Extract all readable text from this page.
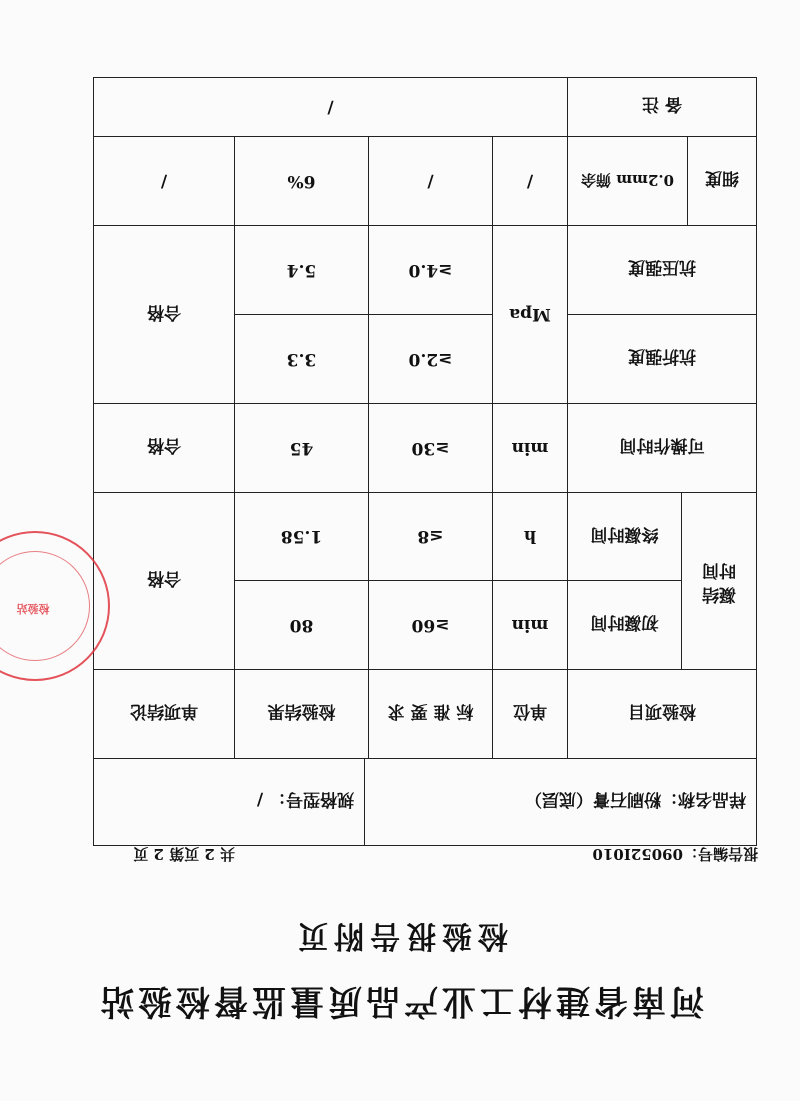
河南省建材工业产品质量监督检验站
检验报告附页
报告编号：09052I010
共 2 页第 2 页
样品名称：粉刷石膏（底层）
规格型号： /
检验项目
单位
标 准 要 求
检验结果
单项结论
凝结时间
初凝时间
min
≥60
80
终凝时间
h
≤8
1.58
合格
可操作时间
min
≥30
45
合格
抗折强度
抗压强度
Mpa
≥2.0
≥4.0
3.3
5.4
合格
细度
0.2mm 筛余
/
/
6%
/
备 注
/
检验站
